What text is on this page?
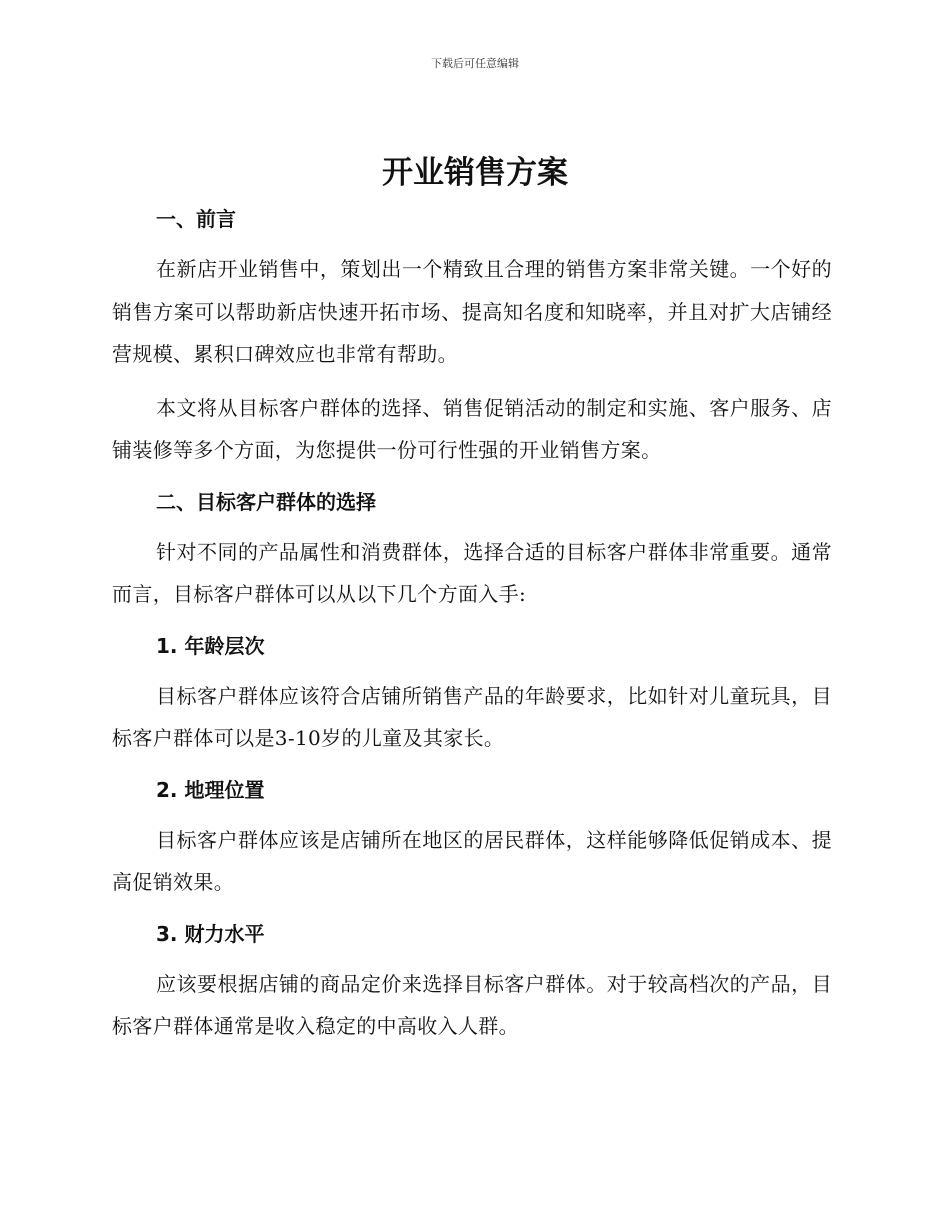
下载后可任意编辑
开业销售方案

一、前言

在新店开业销售中，策划出一个精致且合理的销售方案非常关键。一个好的销售方案可以帮助新店快速开拓市场、提高知名度和知晓率，并且对扩大店铺经营规模、累积口碑效应也非常有帮助。

本文将从目标客户群体的选择、销售促销活动的制定和实施、客户服务、店铺装修等多个方面，为您提供一份可行性强的开业销售方案。

二、目标客户群体的选择

针对不同的产品属性和消费群体，选择合适的目标客户群体非常重要。通常而言，目标客户群体可以从以下几个方面入手:

1. 年龄层次

目标客户群体应该符合店铺所销售产品的年龄要求，比如针对儿童玩具，目标客户群体可以是3-10岁的儿童及其家长。

2. 地理位置

目标客户群体应该是店铺所在地区的居民群体，这样能够降低促销成本、提高促销效果。

3. 财力水平

应该要根据店铺的商品定价来选择目标客户群体。对于较高档次的产品，目标客户群体通常是收入稳定的中高收入人群。
